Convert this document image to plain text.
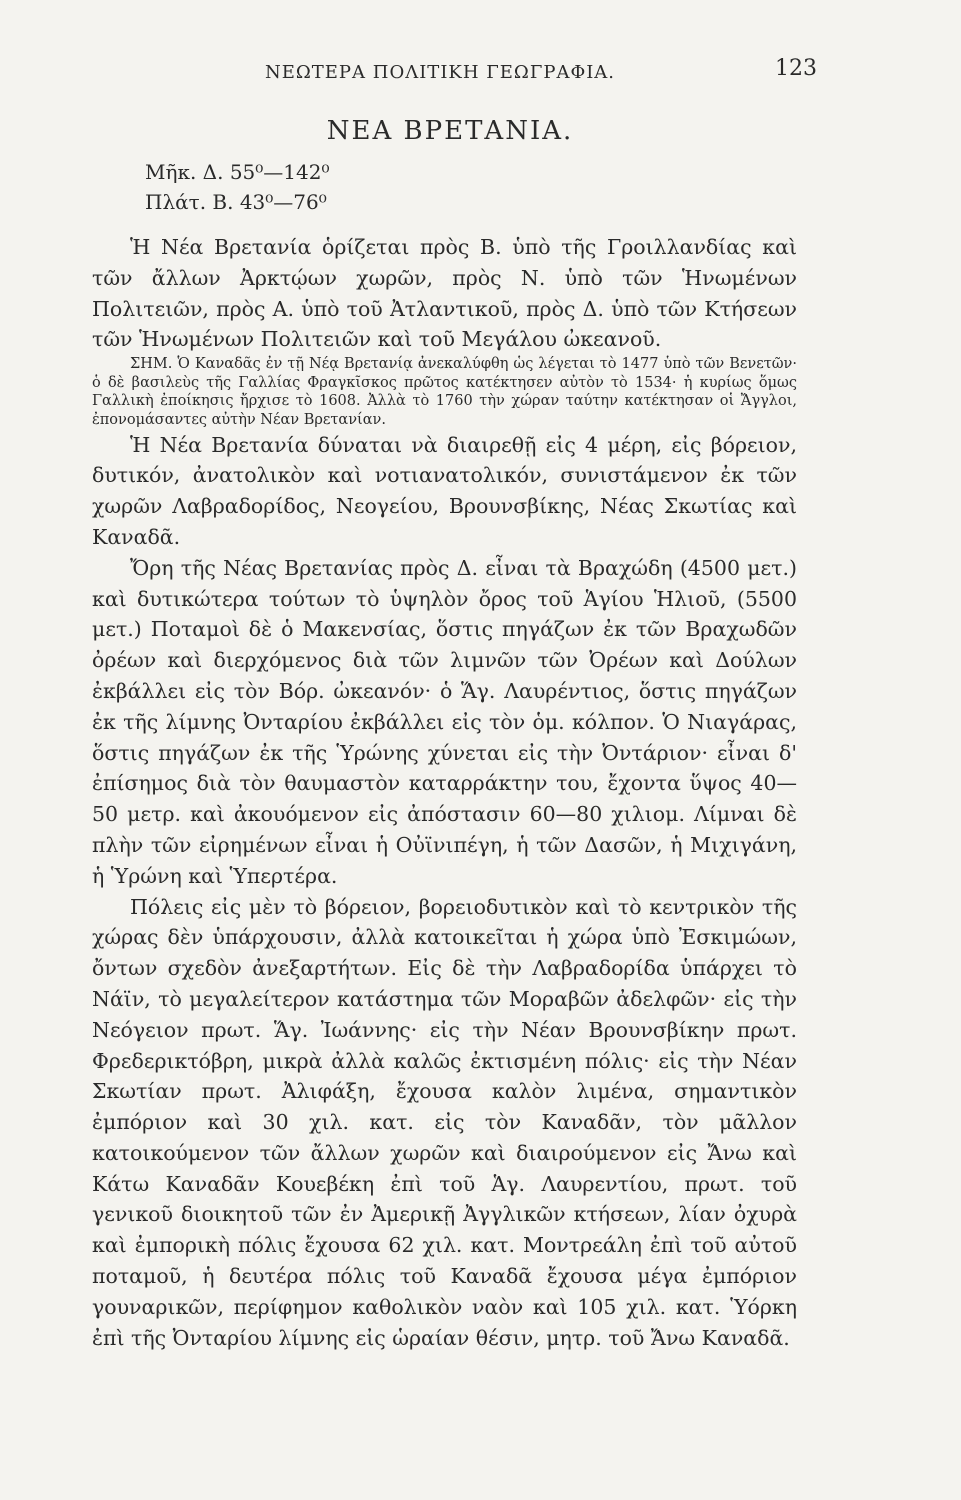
ΝΕΩΤΕΡΑ ΠΟΛΙΤΙΚΗ ΓΕΩΓΡΑΦΙΑ.	123
ΝΕΑ ΒΡΕΤΑΝΙΑ.
Μῆκ. Δ. 55⁰—142⁰
Πλάτ. Β. 43⁰—76⁰

Ἡ Νέα Βρετανία ὁρίζεται πρὸς Β. ὑπὸ τῆς Γροιλλανδίας καὶ τῶν ἄλλων Ἀρκτῴων χωρῶν, πρὸς Ν. ὑπὸ τῶν Ἡνωμένων Πολιτειῶν, πρὸς Α. ὑπὸ τοῦ Ἀτλαντικοῦ, πρὸς Δ. ὑπὸ τῶν Κτήσεων τῶν Ἡνωμένων Πολιτειῶν καὶ τοῦ Μεγάλου ὠκεανοῦ.

ΣΗΜ. Ὁ Καναδᾶς ἐν τῇ Νέᾳ Βρετανίᾳ ἀνεκαλύφθη ὡς λέγεται τὸ 1477 ὑπὸ τῶν Βενετῶν· ὁ δὲ βασιλεὺς τῆς Γαλλίας Φραγκῖσκος πρῶτος κατέκτησεν αὐτὸν τὸ 1534· ἡ κυρίως ὅμως Γαλλικὴ ἐποίκησις ἤρχισε τὸ 1608. Ἀλλὰ τὸ 1760 τὴν χώραν ταύτην κατέκτησαν οἱ Ἄγγλοι, ἐπονομάσαντες αὐτὴν Νέαν Βρετανίαν.

Ἡ Νέα Βρετανία δύναται νὰ διαιρεθῇ εἰς 4 μέρη, εἰς βόρειον, δυτικόν, ἀνατολικὸν καὶ νοτιανατολικόν, συνιστάμενον ἐκ τῶν χωρῶν Λαβραδορίδος, Νεογείου, Βρουνσβίκης, Νέας Σκωτίας καὶ Καναδᾶ.

Ὄρη τῆς Νέας Βρετανίας πρὸς Δ. εἶναι τὰ Βραχώδη (4500 μετ.) καὶ δυτικώτερα τούτων τὸ ὑψηλὸν ὄρος τοῦ Ἁγίου Ἡλιοῦ, (5500 μετ.) Ποταμοὶ δὲ ὁ Μακενσίας, ὅστις πηγάζων ἐκ τῶν Βραχωδῶν ὀρέων καὶ διερχόμενος διὰ τῶν λιμνῶν τῶν Ὀρέων καὶ Δούλων ἐκβάλλει εἰς τὸν Βόρ. ὠκεανόν· ὁ Ἅγ. Λαυρέντιος, ὅστις πηγάζων ἐκ τῆς λίμνης Ὀνταρίου ἐκβάλλει εἰς τὸν ὁμ. κόλπον. Ὁ Νιαγάρας, ὅστις πηγάζων ἐκ τῆς Ὑρώνης χύνεται εἰς τὴν Ὀντάριον· εἶναι δ' ἐπίσημος διὰ τὸν θαυμαστὸν καταρράκτην του, ἔχοντα ὕψος 40—50 μετρ. καὶ ἀκουόμενον εἰς ἀπόστασιν 60—80 χιλιομ. Λίμναι δὲ πλὴν τῶν εἰρημένων εἶναι ἡ Οὐϊνιπέγη, ἡ τῶν Δασῶν, ἡ Μιχιγάνη, ἡ Ὑρώνη καὶ Ὑπερτέρα.

Πόλεις εἰς μὲν τὸ βόρειον, βορειοδυτικὸν καὶ τὸ κεντρικὸν τῆς χώρας δὲν ὑπάρχουσιν, ἀλλὰ κατοικεῖται ἡ χώρα ὑπὸ Ἐσκιμώων, ὄντων σχεδὸν ἀνεξαρτήτων. Εἰς δὲ τὴν Λαβραδορίδα ὑπάρχει τὸ Νάϊν, τὸ μεγαλείτερον κατάστημα τῶν Μοραβῶν ἀδελφῶν· εἰς τὴν Νεόγειον πρωτ. Ἅγ. Ἰωάννης· εἰς τὴν Νέαν Βρουνσβίκην πρωτ. Φρεδερικτόβρη, μικρὰ ἀλλὰ καλῶς ἐκτισμένη πόλις· εἰς τὴν Νέαν Σκωτίαν πρωτ. Ἀλιφάξη, ἔχουσα καλὸν λιμένα, σημαντικὸν ἐμπόριον καὶ 30 χιλ. κατ. εἰς τὸν Καναδᾶν, τὸν μᾶλλον κατοικούμενον τῶν ἄλλων χωρῶν καὶ διαιρούμενον εἰς Ἄνω καὶ Κάτω Καναδᾶν Κουεβέκη ἐπὶ τοῦ Ἁγ. Λαυρεντίου, πρωτ. τοῦ γενικοῦ διοικητοῦ τῶν ἐν Ἀμερικῇ Ἀγγλικῶν κτήσεων, λίαν ὀχυρὰ καὶ ἐμπορικὴ πόλις ἔχουσα 62 χιλ. κατ. Μοντρεάλη ἐπὶ τοῦ αὐτοῦ ποταμοῦ, ἡ δευτέρα πόλις τοῦ Καναδᾶ ἔχουσα μέγα ἐμπόριον γουναρικῶν, περίφημον καθολικὸν ναὸν καὶ 105 χιλ. κατ. Ὑόρκη ἐπὶ τῆς Ὀνταρίου λίμνης εἰς ὡραίαν θέσιν, μητρ. τοῦ Ἄνω Καναδᾶ.
